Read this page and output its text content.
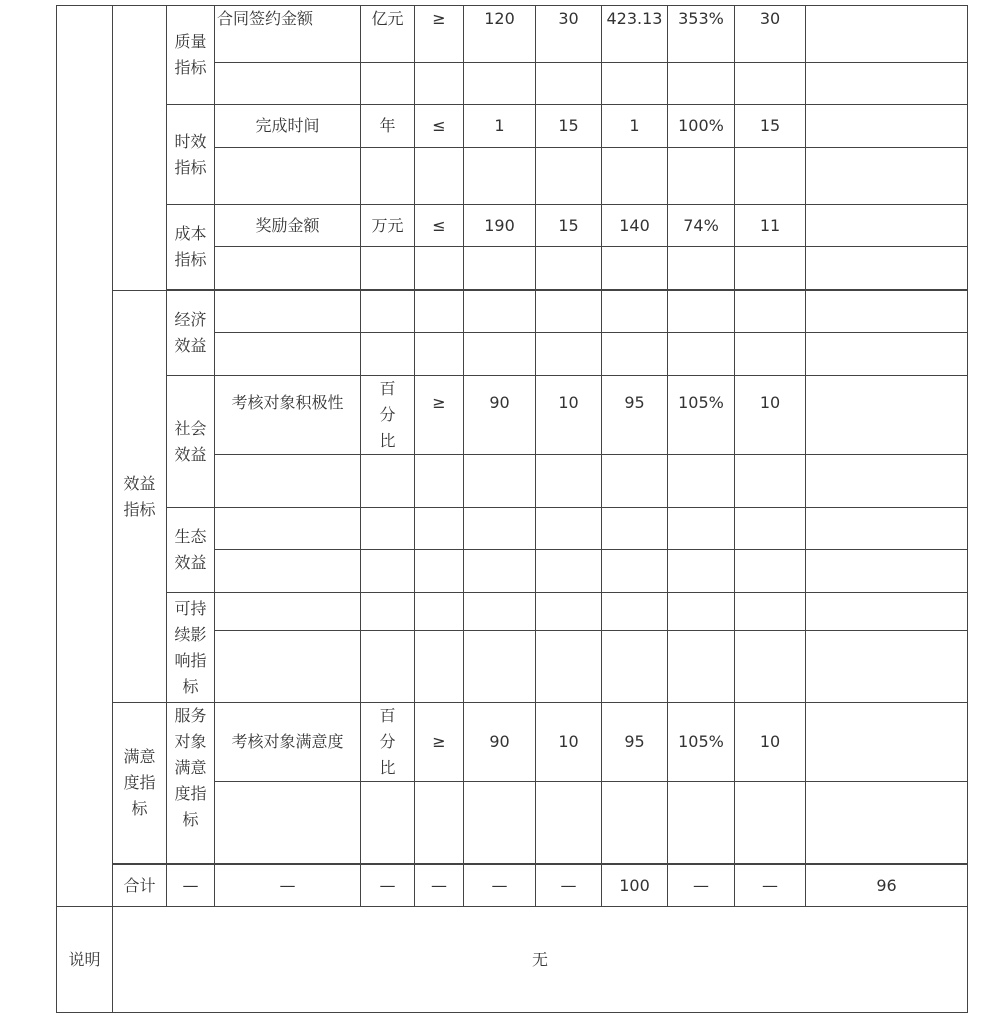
		质量指标	合同签约金额	亿元	≥	120	30	423.13	353%	30		

		时效指标	完成时间	年	≤	1	15	1	100%	15		

		成本指标	奖励金额	万元	≤	190	15	140	74%	11		

	效益指标	经济效益										

		社会效益	考核对象积极性	百分比	≥	90	10	95	105%	10		

		生态效益										

		可持续影响指标										

	满意度指标	服务对象满意度指标	考核对象满意度	百分比	≥	90	10	95	105%	10		

	合计	—	—	—	—	—	—	100	—	—	96	
说明	无											
